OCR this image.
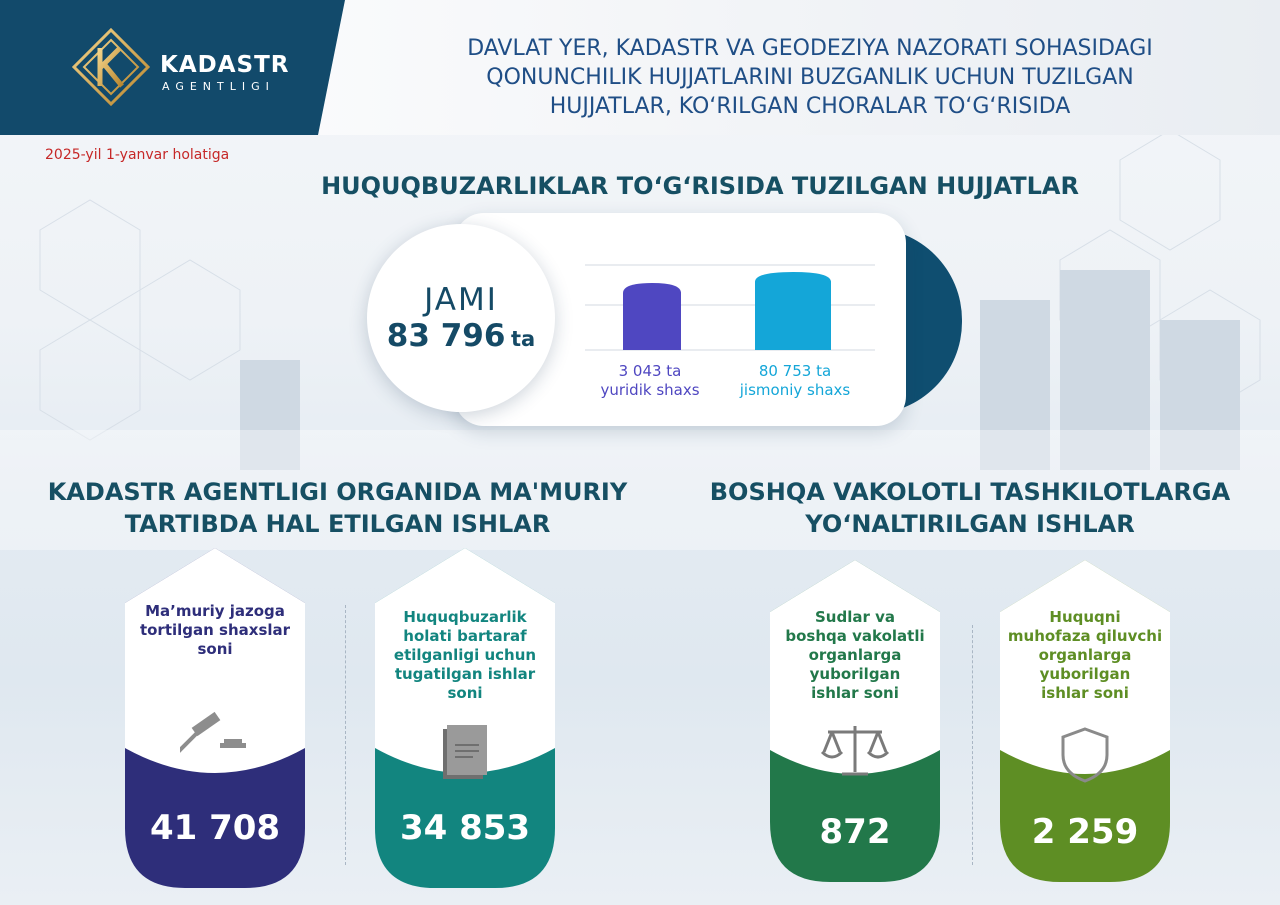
KADASTR
AGENTLIGI
DAVLAT YER, KADASTR VA GEODEZIYA NAZORATI SOHASIDAGI
QONUNCHILIK HUJJATLARINI BUZGANLIK UCHUN TUZILGAN
HUJJATLAR, KO‘RILGAN CHORALAR TO‘G‘RISIDA
2025-yil 1-yanvar holatiga
HUQUQBUZARLIKLAR TO‘G‘RISIDA TUZILGAN HUJJATLAR
JAMI
83 796 ta
3 043 ta
yuridik shaxs
80 753 ta
jismoniy shaxs
KADASTR AGENTLIGI ORGANIDA MA'MURIY
TARTIBDA HAL ETILGAN ISHLAR
BOSHQA VAKOLOTLI TASHKILOTLARGA
YO‘NALTIRILGAN ISHLAR
Ma’muriy jazoga
tortilgan shaxslar
soni
41 708
Huquqbuzarlik
holati bartaraf
etilganligi uchun
tugatilgan ishlar
soni
34 853
Sudlar va
boshqa vakolatli
organlarga
yuborilgan
ishlar soni
872
Huquqni
muhofaza qiluvchi
organlarga
yuborilgan
ishlar soni
2 259
